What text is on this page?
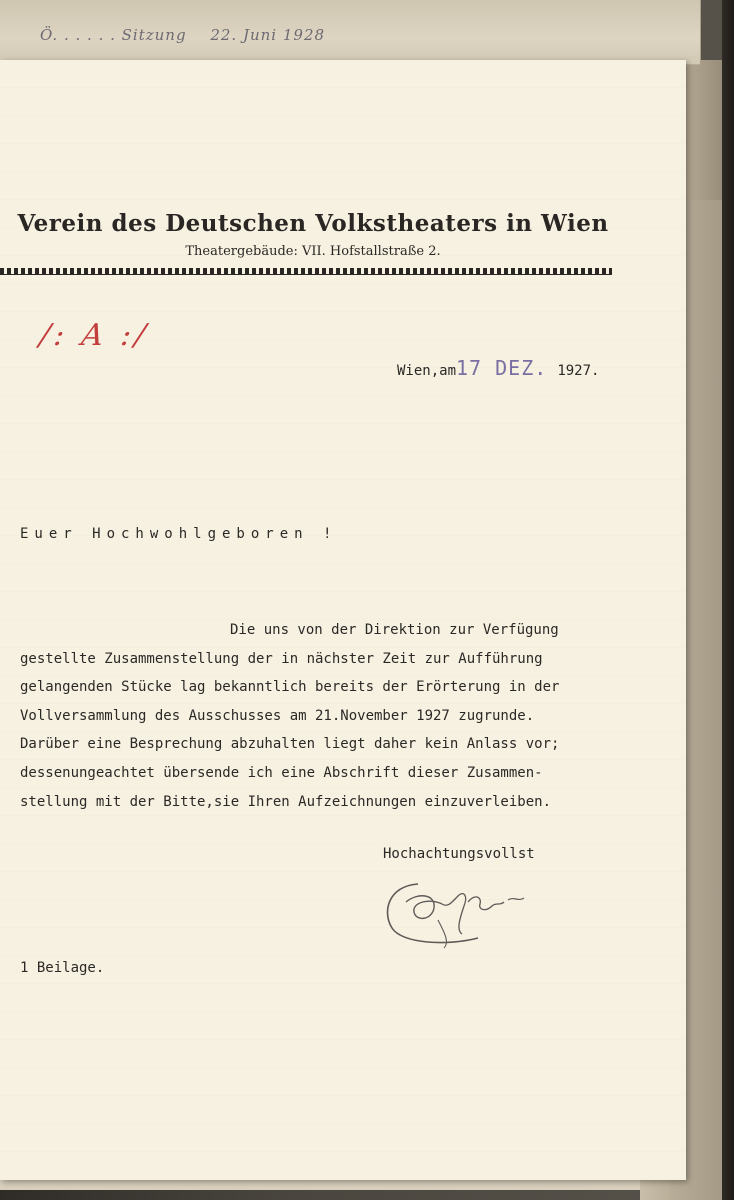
Ö. . . . . . Sitzung 22. Juni 1928
Verein des Deutschen Volkstheaters in Wien
Theatergebäude: VII. Hofstallstraße 2.
/: A :/
Wien,am17 DEZ. 1927.
Euer Hochwohlgeboren !
Die uns von der Direktion zur Verfügung
gestellte Zusammenstellung der in nächster Zeit zur Aufführung
gelangenden Stücke lag bekanntlich bereits der Erörterung in der
Vollversammlung des Ausschusses am 21.November 1927 zugrunde.
Darüber eine Besprechung abzuhalten liegt daher kein Anlass vor;
dessenungeachtet übersende ich eine Abschrift dieser Zusammen-
stellung mit der Bitte,sie Ihren Aufzeichnungen einzuverleiben.
Hochachtungsvollst
1 Beilage.
